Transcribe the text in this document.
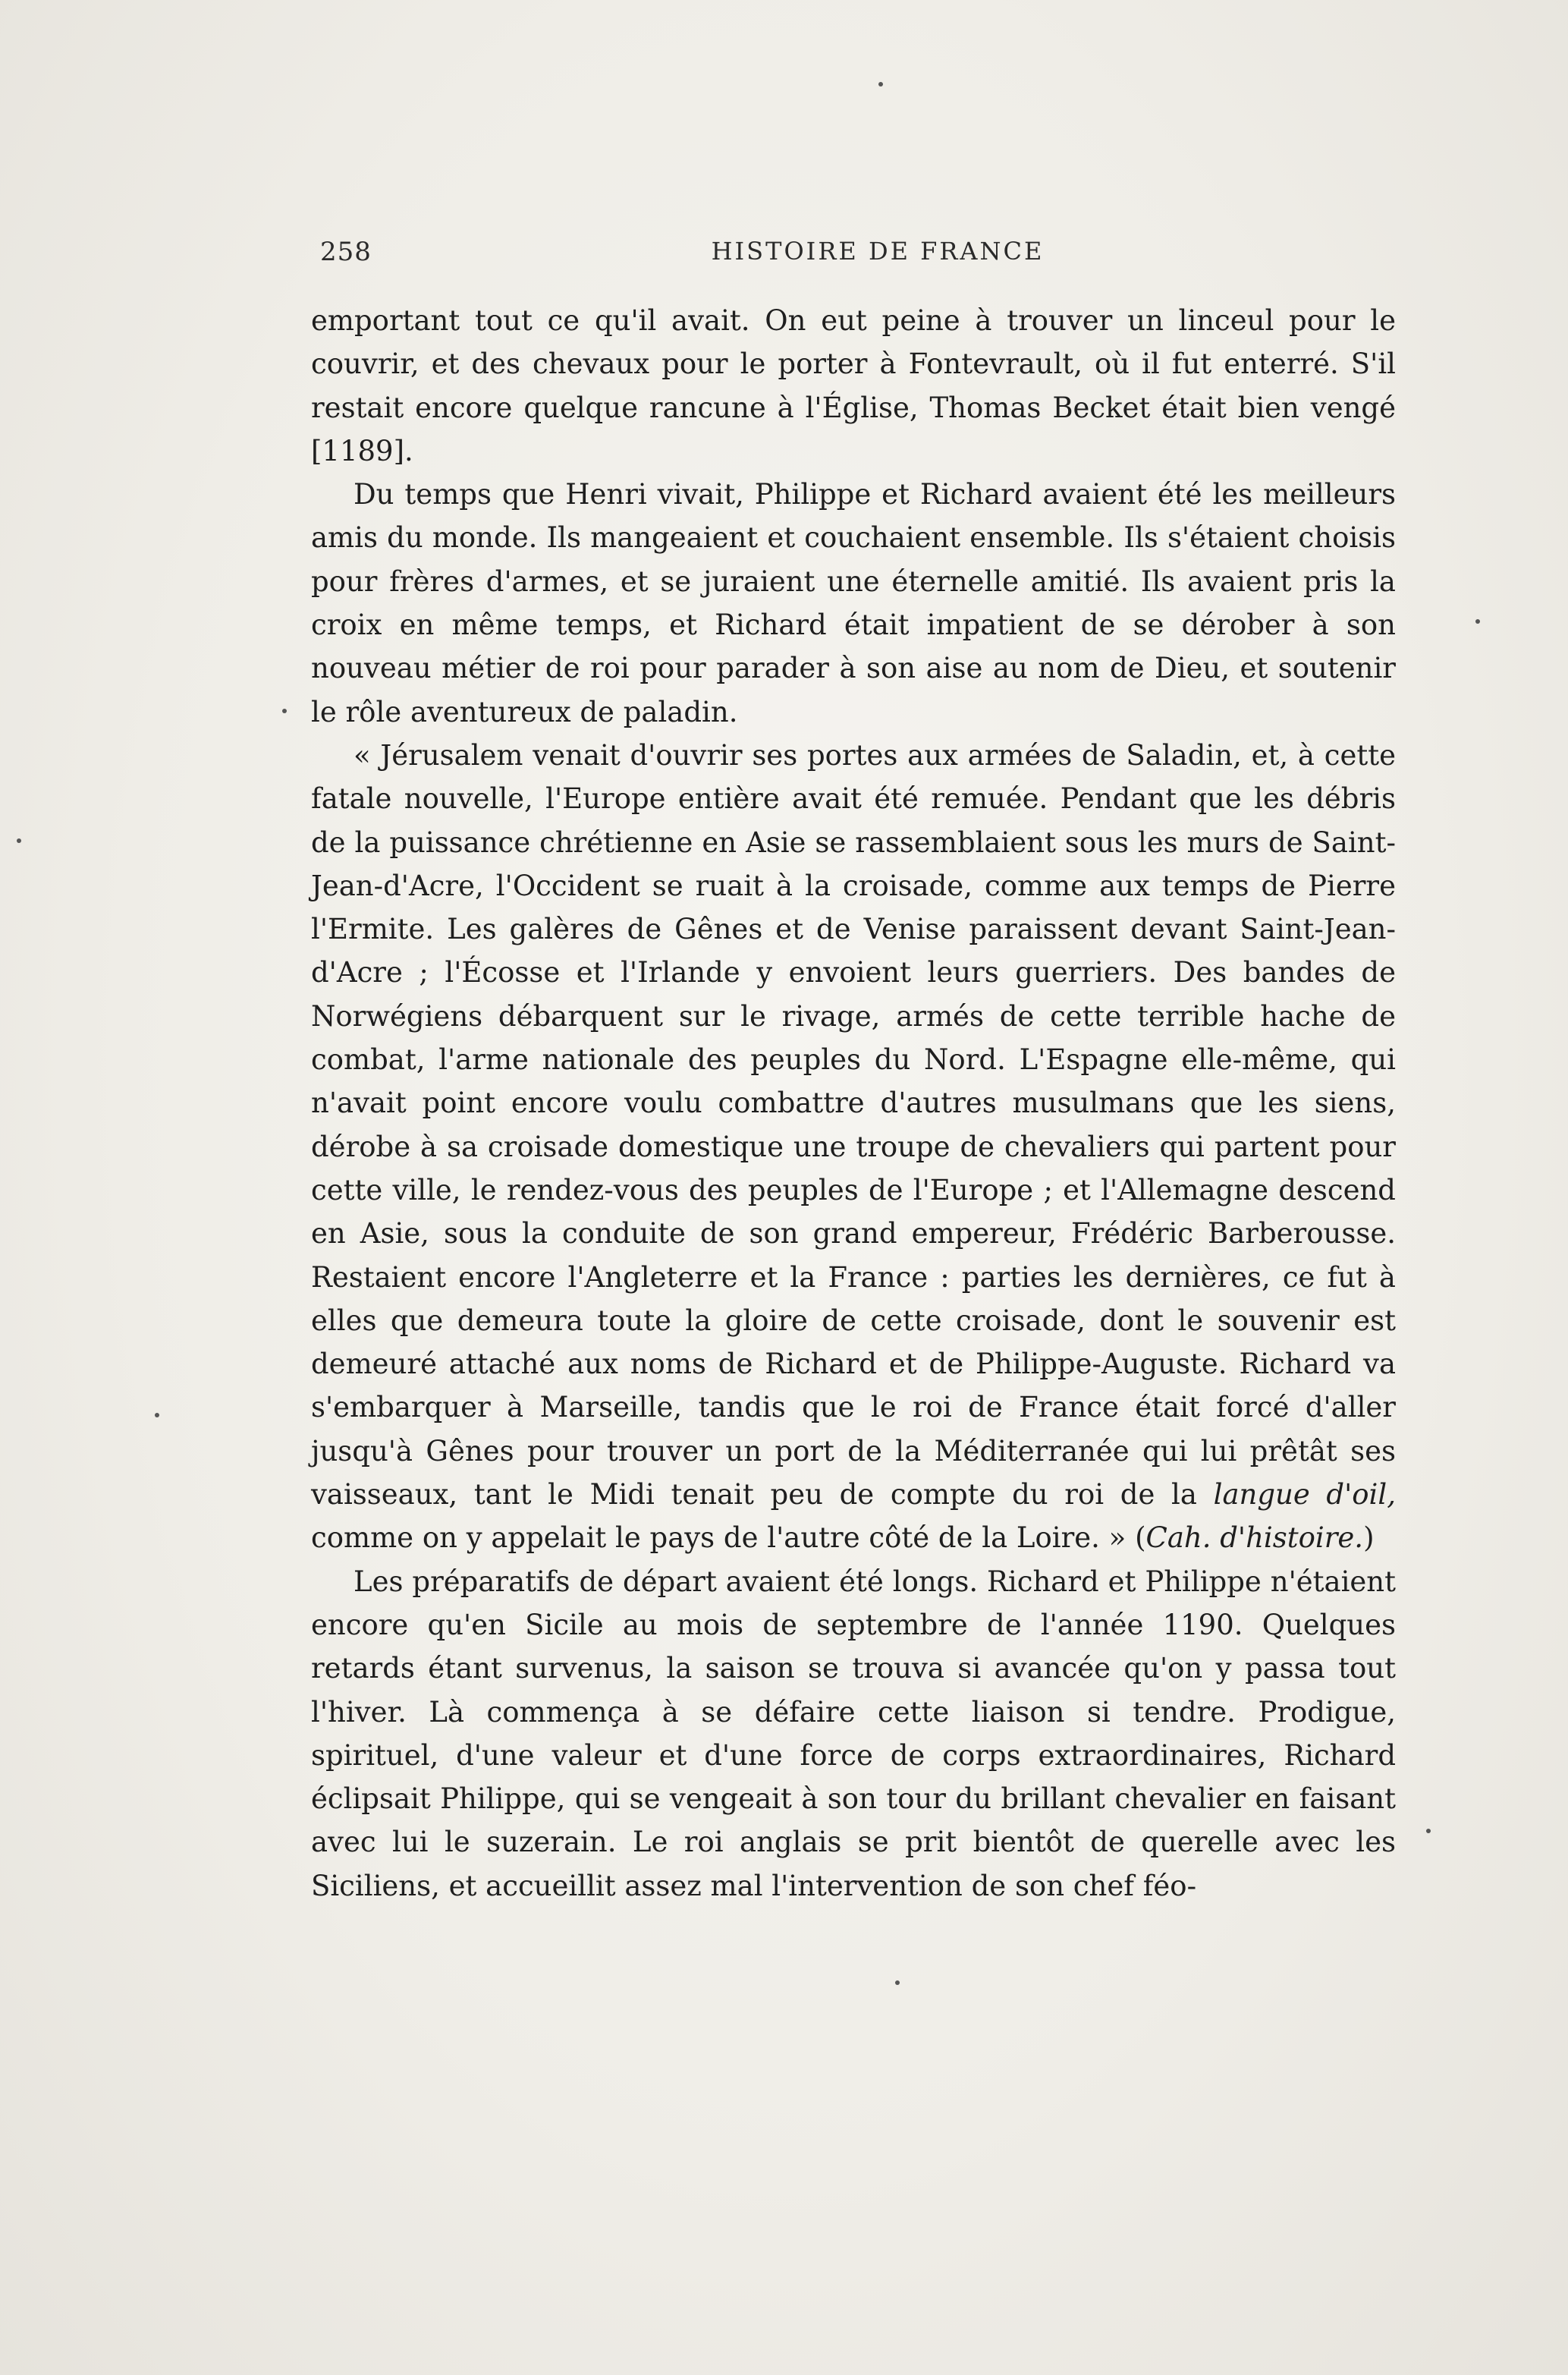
258	HISTOIRE DE FRANCE

emportant tout ce qu'il avait. On eut peine à trouver un linceul pour le couvrir, et des chevaux pour le porter à Fontevrault, où il fut enterré. S'il restait encore quelque rancune à l'Église, Thomas Becket était bien vengé [1189].

Du temps que Henri vivait, Philippe et Richard avaient été les meilleurs amis du monde. Ils mangeaient et couchaient ensemble. Ils s'étaient choisis pour frères d'armes, et se juraient une éternelle amitié. Ils avaient pris la croix en même temps, et Richard était impatient de se dérober à son nouveau métier de roi pour parader à son aise au nom de Dieu, et soutenir le rôle aventureux de paladin.

« Jérusalem venait d'ouvrir ses portes aux armées de Saladin, et, à cette fatale nouvelle, l'Europe entière avait été remuée. Pendant que les débris de la puissance chrétienne en Asie se rassemblaient sous les murs de Saint-Jean-d'Acre, l'Occident se ruait à la croisade, comme aux temps de Pierre l'Ermite. Les galères de Gênes et de Venise paraissent devant Saint-Jean-d'Acre ; l'Écosse et l'Irlande y envoient leurs guerriers. Des bandes de Norwégiens débarquent sur le rivage, armés de cette terrible hache de combat, l'arme nationale des peuples du Nord. L'Espagne elle-même, qui n'avait point encore voulu combattre d'autres musulmans que les siens, dérobe à sa croisade domestique une troupe de chevaliers qui partent pour cette ville, le rendez-vous des peuples de l'Europe ; et l'Allemagne descend en Asie, sous la conduite de son grand empereur, Frédéric Barberousse. Restaient encore l'Angleterre et la France : parties les dernières, ce fut à elles que demeura toute la gloire de cette croisade, dont le souvenir est demeuré attaché aux noms de Richard et de Philippe-Auguste. Richard va s'embarquer à Marseille, tandis que le roi de France était forcé d'aller jusqu'à Gênes pour trouver un port de la Méditerranée qui lui prêtât ses vaisseaux, tant le Midi tenait peu de compte du roi de la langue d'oil, comme on y appelait le pays de l'autre côté de la Loire. » (Cah. d'histoire.)

Les préparatifs de départ avaient été longs. Richard et Philippe n'étaient encore qu'en Sicile au mois de septembre de l'année 1190. Quelques retards étant survenus, la saison se trouva si avancée qu'on y passa tout l'hiver. Là commença à se défaire cette liaison si tendre. Prodigue, spirituel, d'une valeur et d'une force de corps extraordinaires, Richard éclipsait Philippe, qui se vengeait à son tour du brillant chevalier en faisant avec lui le suzerain. Le roi anglais se prit bientôt de querelle avec les Siciliens, et accueillit assez mal l'intervention de son chef féo-
